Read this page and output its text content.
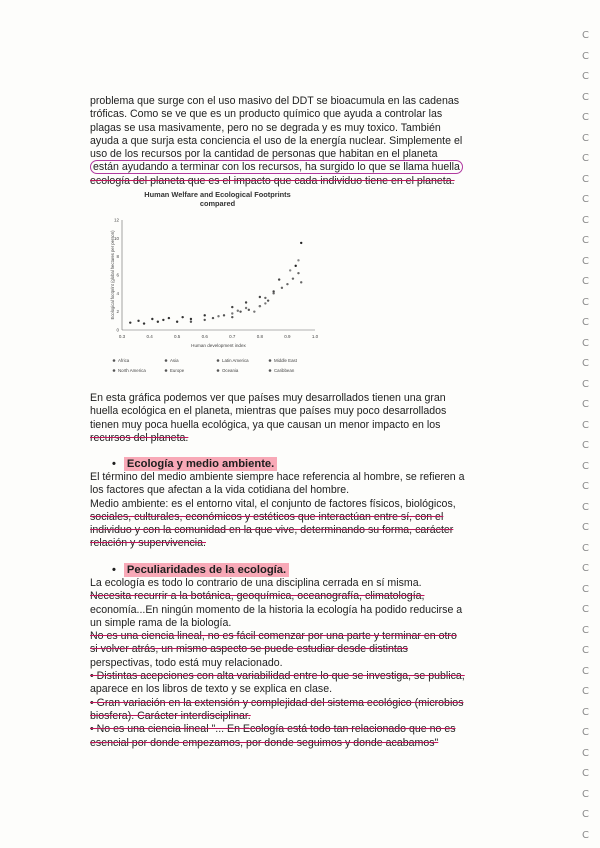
problema que surge con el uso masivo del DDT se bioacumula en las cadenas
tróficas. Como se ve que es un producto químico que ayuda a controlar las
plagas se usa masivamente, pero no se degrada y es muy toxico. También
ayuda a que surja esta conciencia el uso de la energía nuclear. Simplemente el
uso de los recursos por la cantidad de personas que habitan en el planeta
están ayudando a terminar con los recursos, ha surgido lo que se llama huella
ecología del planeta que es el impacto que cada individuo tiene en el planeta.

Human Welfare and Ecological Footprints
compared
0.3	0.4	0.5	0.6	0.7	0.8	0.9	1.0
0
2
4
6
8
10
12
Human development index
Ecological footprint (global hectares per person)
Africa	Asia	Latin America	Middle East
North America	Europe	Oceania	Caribbean

En esta gráfica podemos ver que países muy desarrollados tienen una gran
huella ecológica en el planeta, mientras que países muy poco desarrollados
tienen muy poca huella ecológica, ya que causan un menor impacto en los
recursos del planeta.

• Ecología y medio ambiente.

El término del medio ambiente siempre hace referencia al hombre, se refieren a
los factores que afectan a la vida cotidiana del hombre.
Medio ambiente: es el entorno vital, el conjunto de factores físicos, biológicos,
sociales, culturales, económicos y estéticos que interactúan entre sí, con el
individuo y con la comunidad en la que vive, determinando su forma, carácter
relación y supervivencia.

• Peculiaridades de la ecología.

La ecología es todo lo contrario de una disciplina cerrada en sí misma.
Necesita recurrir a la botánica, geoquímica, oceanografía, climatología,
economía...En ningún momento de la historia la ecología ha podido reducirse a
un simple rama de la biología.
No es una ciencia lineal, no es fácil comenzar por una parte y terminar en otro
si volver atrás, un mismo aspecto se puede estudiar desde distintas
perspectivas, todo está muy relacionado.
• Distintas acepciones con alta variabilidad entre lo que se investiga, se publica,
aparece en los libros de texto y se explica en clase.
• Gran variación en la extensión y complejidad del sistema ecológico (microbios
biosfera). Carácter interdisciplinar.
• No es una ciencia lineal "... En Ecología está todo tan relacionado que no es
esencial por donde empezamos, por donde seguimos y donde acabamos"

C
C
C
C
C
C
C
C
C
C
C
C
C
C
C
C
C
C
C
C
C
C
C
C
C
C
C
C
C
C
C
C
C
C
C
C
C
C
C
C
